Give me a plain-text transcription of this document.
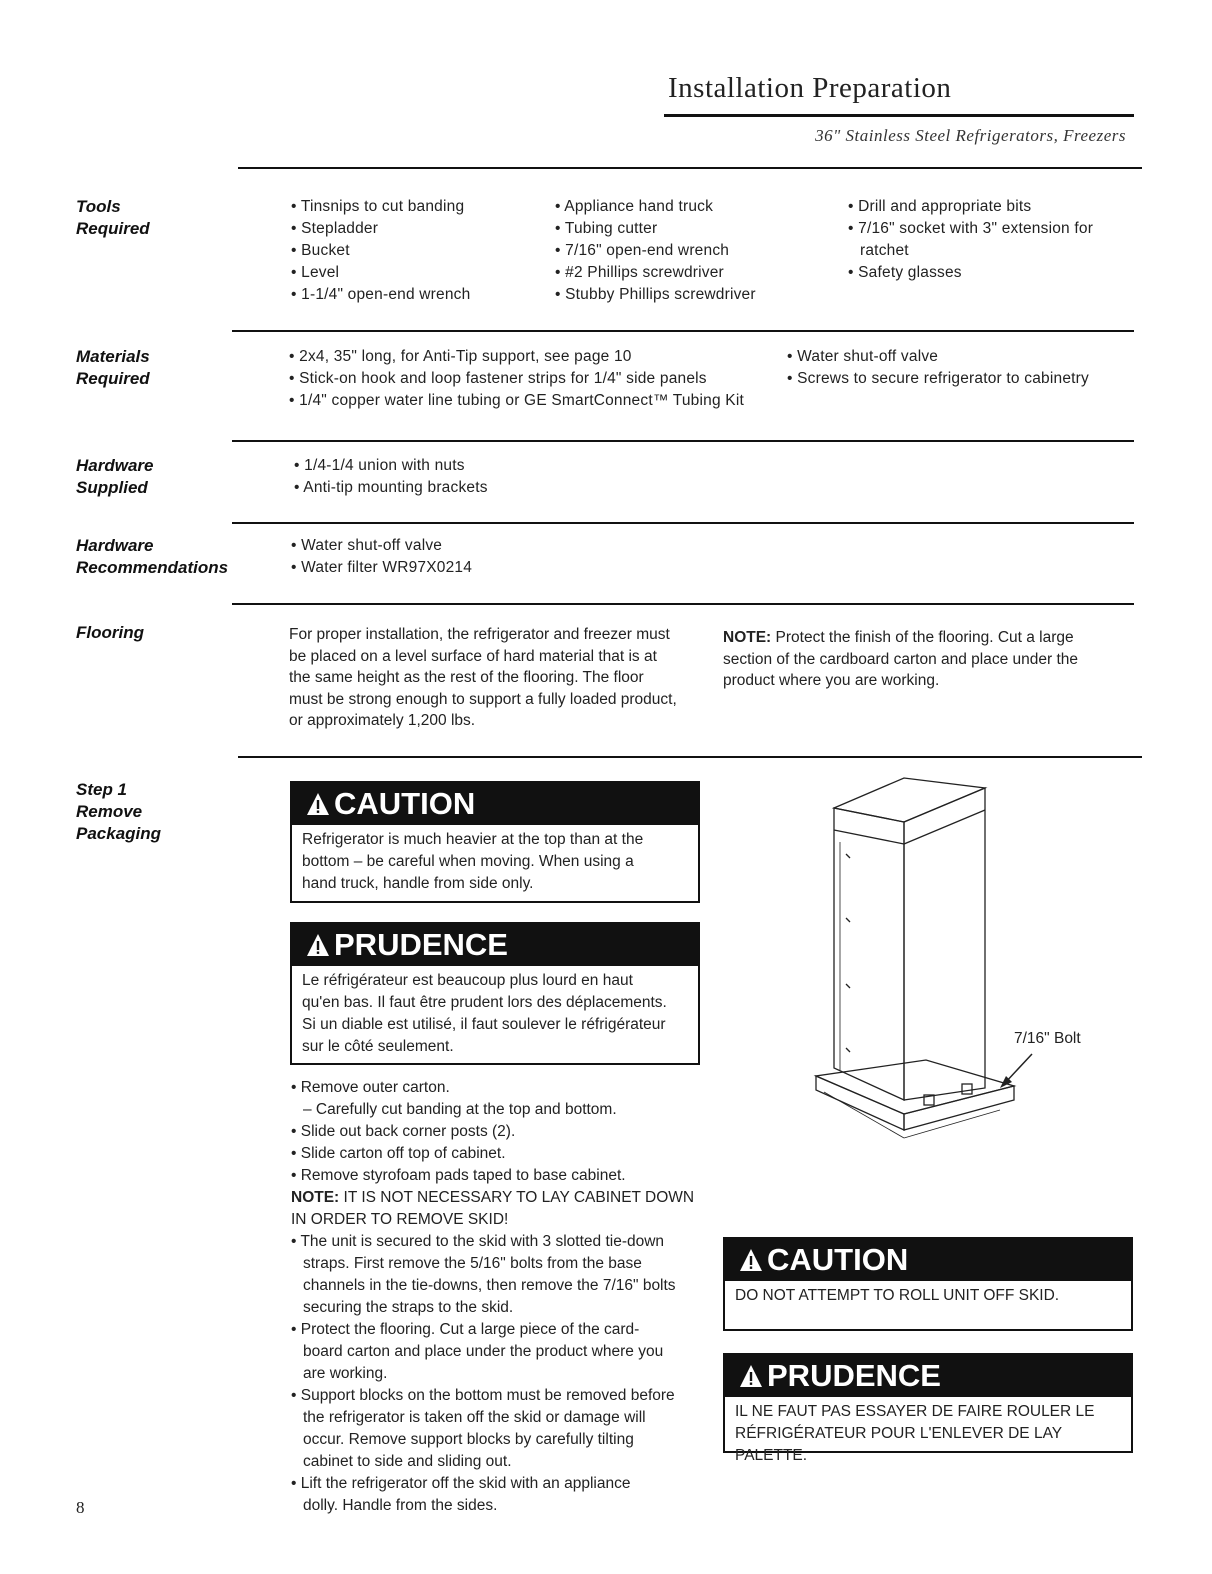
Installation Preparation
36" Stainless Steel Refrigerators, Freezers
Tools
Required
• Tinsnips to cut banding
• Stepladder
• Bucket
• Level
• 1-1/4" open-end wrench
• Appliance hand truck
• Tubing cutter
• 7/16" open-end wrench
• #2 Phillips screwdriver
• Stubby Phillips screwdriver
• Drill and appropriate bits
• 7/16" socket with 3" extension for
ratchet
• Safety glasses
Materials
Required
• 2x4, 35" long, for Anti-Tip support, see page 10
• Stick-on hook and loop fastener strips for 1/4" side panels
• 1/4" copper water line tubing or GE SmartConnect™ Tubing Kit
• Water shut-off valve
• Screws to secure refrigerator to cabinetry
Hardware
Supplied
• 1/4-1/4 union with nuts
• Anti-tip mounting brackets
Hardware
Recommendations
• Water shut-off valve
• Water filter WR97X0214
Flooring	For proper installation, the refrigerator and freezer must
be placed on a level surface of hard material that is at
the same height as the rest of the flooring. The floor
must be strong enough to support a fully loaded product,
or approximately 1,200 lbs.
NOTE: Protect the finish of the flooring. Cut a large
section of the cardboard carton and place under the
product where you are working.
Step 1
Remove
Packaging
CAUTION
Refrigerator is much heavier at the top than at the
bottom – be careful when moving. When using a
hand truck, handle from side only.
PRUDENCE
Le réfrigérateur est beaucoup plus lourd en haut
qu'en bas. Il faut être prudent lors des déplacements.
Si un diable est utilisé, il faut soulever le réfrigérateur
sur le côté seulement.
• Remove outer carton.
– Carefully cut banding at the top and bottom.
• Slide out back corner posts (2).
• Slide carton off top of cabinet.
• Remove styrofoam pads taped to base cabinet.
NOTE: IT IS NOT NECESSARY TO LAY CABINET DOWN
IN ORDER TO REMOVE SKID!
• The unit is secured to the skid with 3 slotted tie-down
straps. First remove the 5/16" bolts from the base
channels in the tie-downs, then remove the 7/16" bolts
securing the straps to the skid.
• Protect the flooring. Cut a large piece of the card-
board carton and place under the product where you
are working.
• Support blocks on the bottom must be removed before
the refrigerator is taken off the skid or damage will
occur. Remove support blocks by carefully tilting
cabinet to side and sliding out.
• Lift the refrigerator off the skid with an appliance
dolly. Handle from the sides.
7/16" Bolt
CAUTION
DO NOT ATTEMPT TO ROLL UNIT OFF SKID.
PRUDENCE
IL NE FAUT PAS ESSAYER DE FAIRE ROULER LE
RÉFRIGÉRATEUR POUR L'ENLEVER DE LAY PALETTE.
8
